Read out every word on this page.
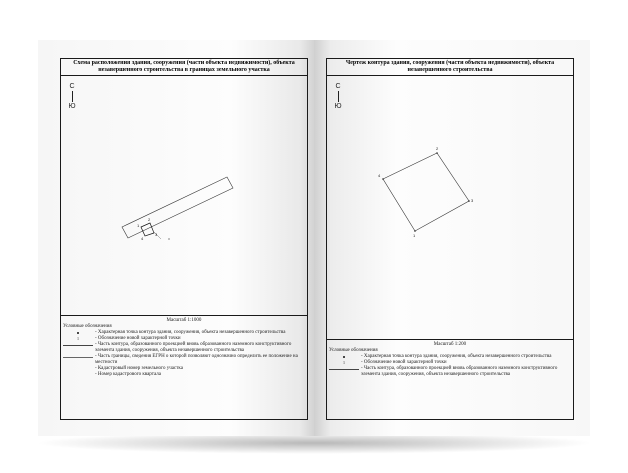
Схема расположения здания, сооружения (части объекта недвижимости), объекта незавершенного строительства в границах земельного участка
С
Ю
1
2
3
4
Масштаб 1:1000
Условные обозначения
- Характерная точка контура здания, сооружения, объекта незавершенного строительства
1	- Обозначение новой характерной точки
- Часть контура, образованного проекцией вновь образованного наземного конструктивного элемента здания, сооружения, объекта незавершенного строительства
- Часть границы, сведения ЕГРН о которой позволяют однозначно определить ее положение на местности
- Кадастровый номер земельного участка
- Номер кадастрового квартала
Чертеж контура здания, сооружения (части объекта недвижимости), объекта незавершенного строительства
С
Ю
1
2
3
4
Масштаб 1:200
Условные обозначения
- Характерная точка контура здания, сооружения, объекта незавершенного строительства
1	- Обозначение новой характерной точки
- Часть контура, образованного проекцией вновь образованного наземного конструктивного элемента здания, сооружения, объекта незавершенного строительства
